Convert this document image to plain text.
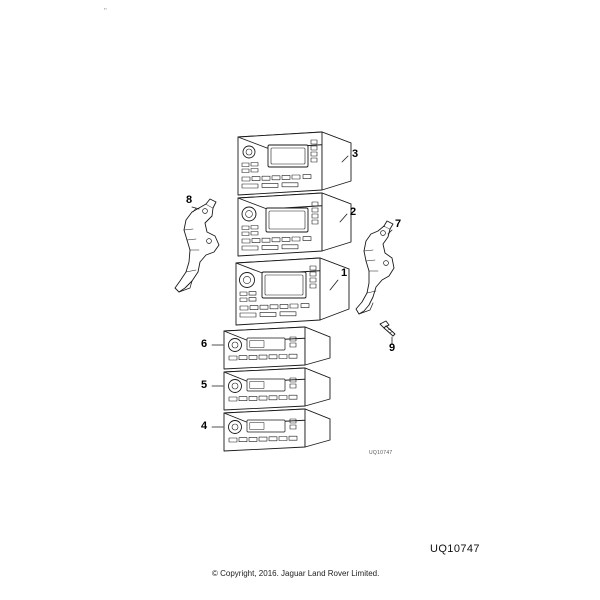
1
2
3
4
5
6
7
8
9
''
UQ10747
UQ10747
© Copyright, 2016. Jaguar Land Rover Limited.
